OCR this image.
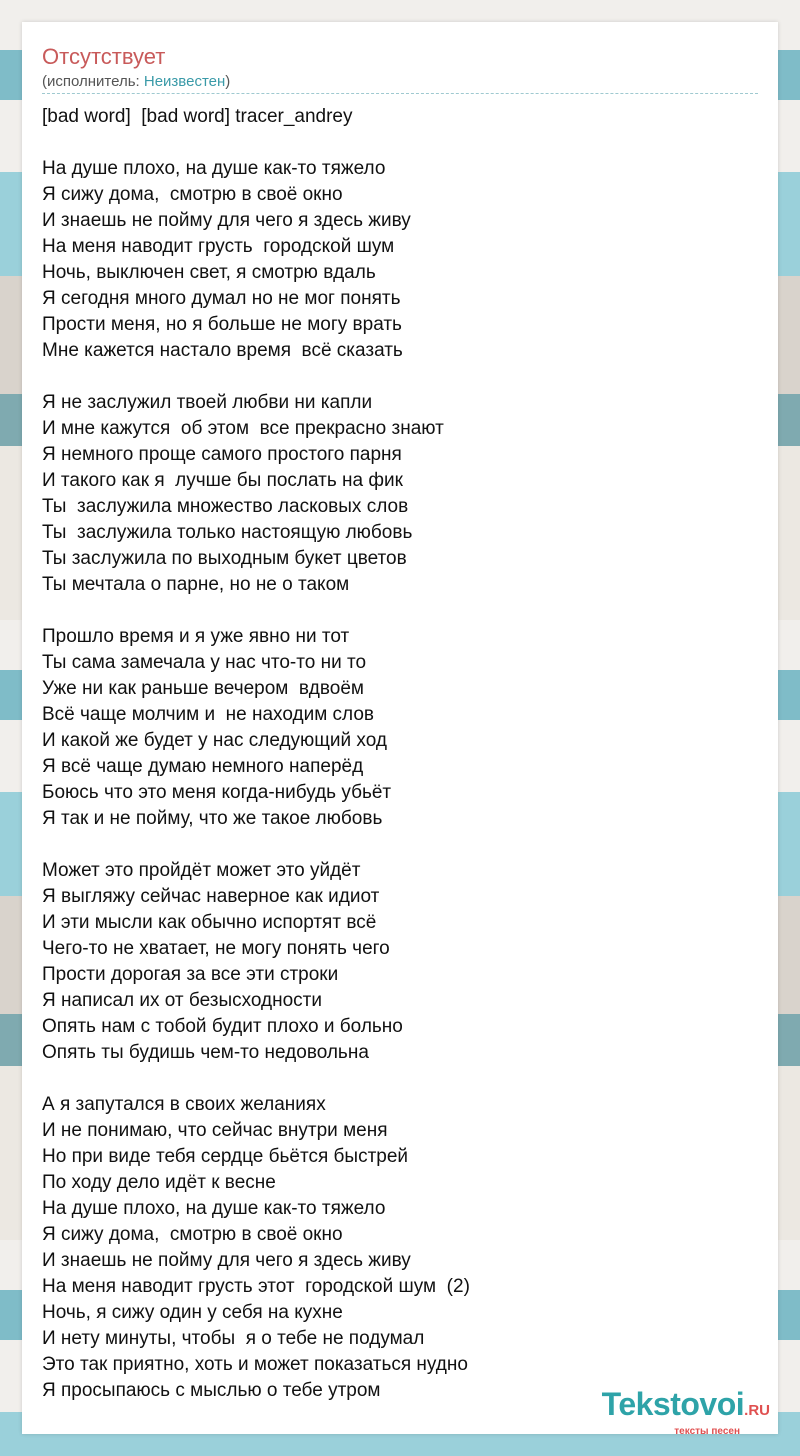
Отсутствует
(исполнитель: Неизвестен)
[bad word]  [bad word] tracer_andrey
На душе плохо, на душе как-то тяжело
Я сижу дома,  смотрю в своё окно
И знаешь не пойму для чего я здесь живу
На меня наводит грусть  городской шум
Ночь, выключен свет, я смотрю вдаль
Я сегодня много думал но не мог понять
Прости меня, но я больше не могу врать
Мне кажется настало время  всё сказать
Я не заслужил твоей любви ни капли
И мне кажутся  об этом  все прекрасно знают
Я немного проще самого простого парня
И такого как я  лучше бы послать на фик
Ты  заслужила множество ласковых слов
Ты  заслужила только настоящую любовь
Ты заслужила по выходным букет цветов
Ты мечтала о парне, но не о таком
Прошло время и я уже явно ни тот
Ты сама замечала у нас что-то ни то
Уже ни как раньше вечером  вдвоём
Всё чаще молчим и  не находим слов
И какой же будет у нас следующий ход
Я всё чаще думаю немного наперёд
Боюсь что это меня когда-нибудь убьёт
Я так и не пойму, что же такое любовь
Может это пройдёт может это уйдёт
Я выгляжу сейчас наверное как идиот
И эти мысли как обычно испортят всё
Чего-то не хватает, не могу понять чего
Прости дорогая за все эти строки
Я написал их от безысходности
Опять нам с тобой будит плохо и больно
Опять ты будишь чем-то недовольна
А я запутался в своих желаниях
И не понимаю, что сейчас внутри меня
Но при виде тебя сердце бьётся быстрей
По ходу дело идёт к весне
На душе плохо, на душе как-то тяжело
Я сижу дома,  смотрю в своё окно
И знаешь не пойму для чего я здесь живу
На меня наводит грусть этот  городской шум  (2)
Ночь, я сижу один у себя на кухне
И нету минуты, чтобы  я о тебе не подумал
Это так приятно, хоть и может показаться нудно
Я просыпаюсь с мыслью о тебе утром	Tekstovoi.RU
тексты песен
